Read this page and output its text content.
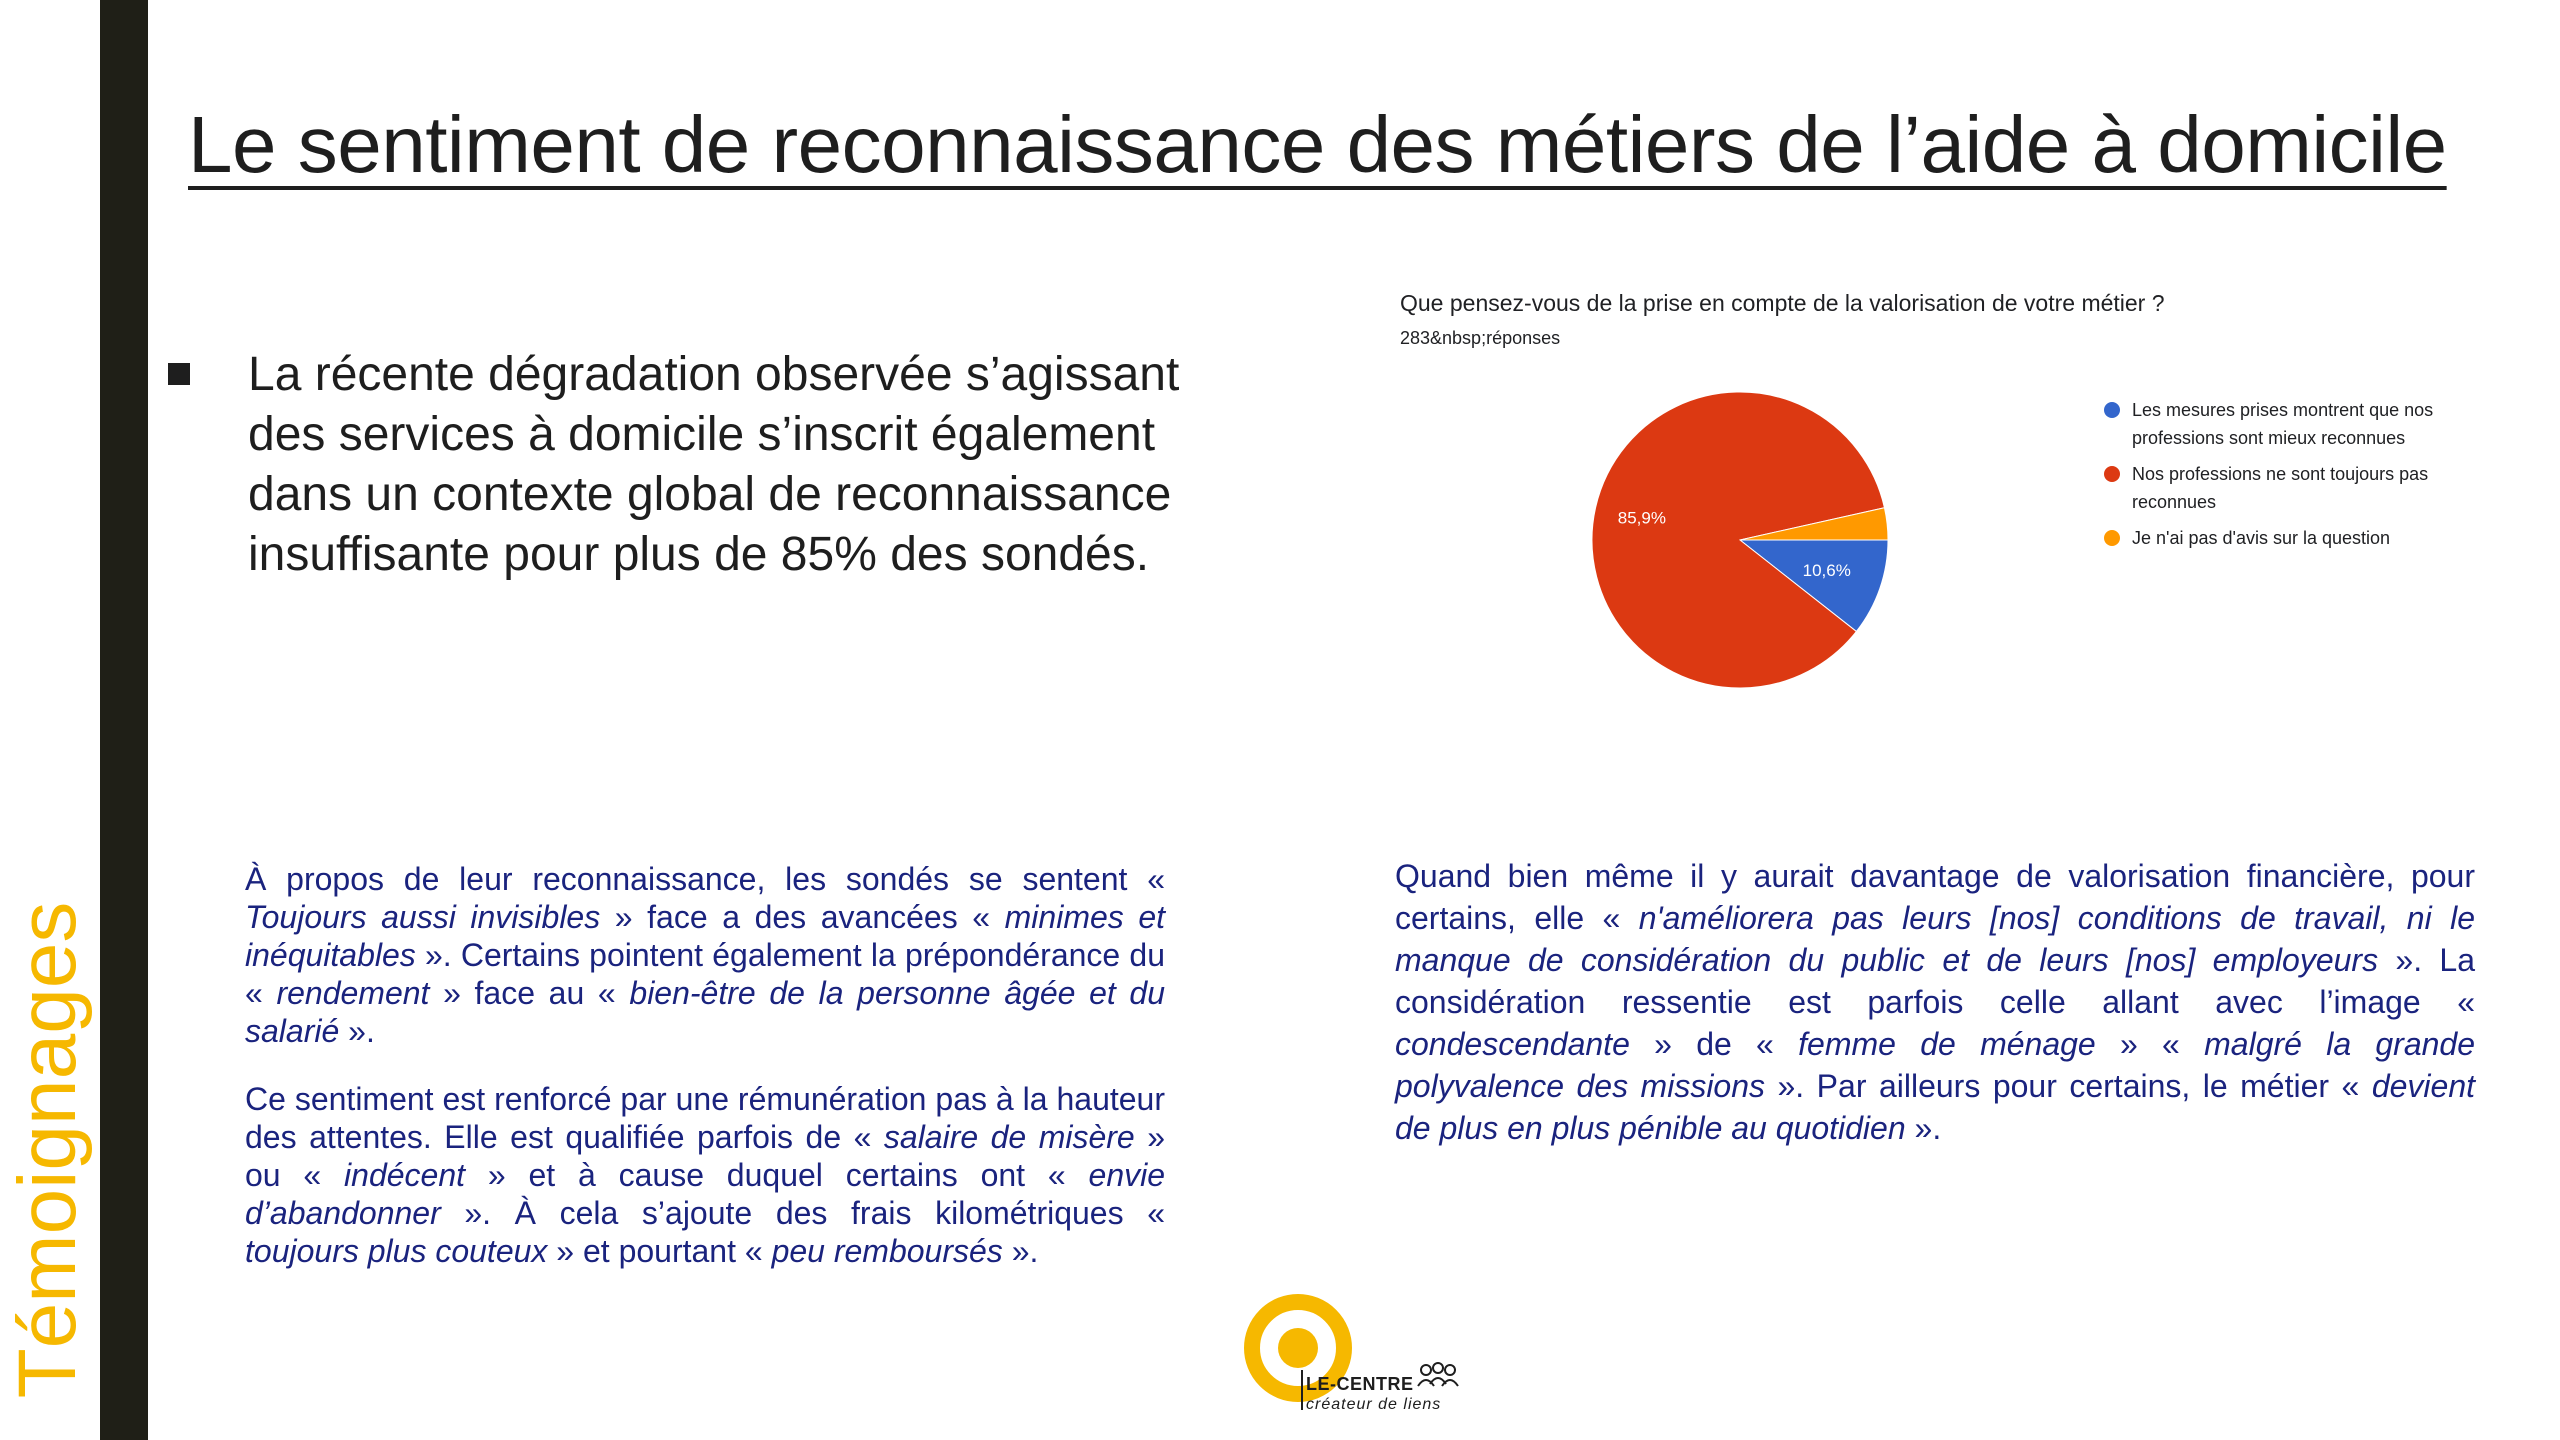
Témoignages
Le sentiment de reconnaissance des métiers de l’aide à domicile
La récente dégradation observée s’agissant des services à domicile s’inscrit également dans un contexte global de reconnaissance insuffisante pour plus de 85% des sondés.
Que pensez-vous de la prise en compte de la valorisation de votre métier ?
283&nbsp;réponses
10,6%
85,9%
Les mesures prises montrent que nos
professions sont mieux reconnues
Nos professions ne sont toujours pas
reconnues
Je n'ai pas d'avis sur la question

À propos de leur reconnaissance, les sondés se sentent « Toujours aussi invisibles » face a des avancées « minimes et inéquitables ». Certains pointent également la prépondérance du « rendement » face au « bien-être de la personne âgée et du salarié ».

Ce sentiment est renforcé par une rémunération pas à la hauteur des attentes. Elle est qualifiée parfois de « salaire de misère » ou « indécent » et à cause duquel certains ont « envie d’abandonner ». À cela s’ajoute des frais kilométriques « toujours plus couteux » et pourtant « peu remboursés ».

Quand bien même il y aurait davantage de valorisation financière, pour certains, elle « n'améliorera pas leurs [nos] conditions de travail, ni le manque de considération du public et de leurs [nos] employeurs ». La considération ressentie est parfois celle allant avec l’image « condescendante » de « femme de ménage » « malgré la grande polyvalence des missions ». Par ailleurs pour certains, le métier « devient de plus en plus pénible au quotidien ».

LE-CENTRE
créateur de liens
